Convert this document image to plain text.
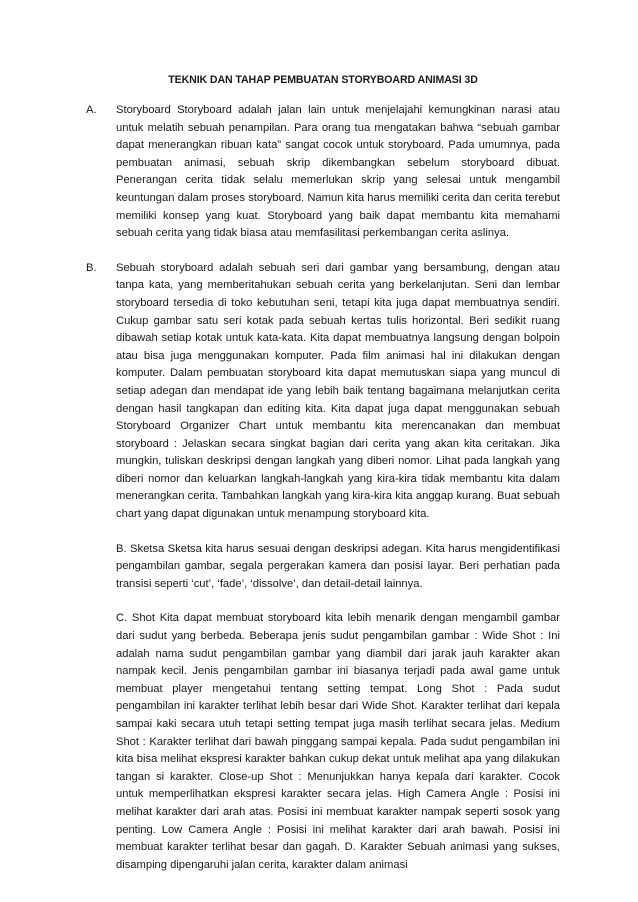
TEKNIK DAN TAHAP PEMBUATAN STORYBOARD ANIMASI 3D
A.	Storyboard Storyboard adalah jalan lain untuk menjelajahi kemungkinan narasi atau untuk melatih sebuah penampilan. Para orang tua mengatakan bahwa “sebuah gambar dapat menerangkan ribuan kata” sangat cocok untuk storyboard. Pada umumnya, pada pembuatan animasi, sebuah skrip dikembangkan sebelum storyboard dibuat. Penerangan cerita tidak selalu memerlukan skrip yang selesai untuk mengambil keuntungan dalam proses storyboard. Namun kita harus memiliki cerita dan cerita terebut memiliki konsep yang kuat. Storyboard yang baik dapat membantu kita memahami sebuah cerita yang tidak biasa atau memfasilitasi perkembangan cerita aslinya.

B.	Sebuah storyboard adalah sebuah seri dari gambar yang bersambung, dengan atau tanpa kata, yang memberitahukan sebuah cerita yang berkelanjutan. Seni dan lembar storyboard tersedia di toko kebutuhan seni, tetapi kita juga dapat membuatnya sendiri. Cukup gambar satu seri kotak pada sebuah kertas tulis horizontal. Beri sedikit ruang dibawah setiap kotak untuk kata-kata. Kita dapat membuatnya langsung dengan bolpoin atau bisa juga menggunakan komputer. Pada film animasi hal ini dilakukan dengan komputer. Dalam pembuatan storyboard kita dapat memutuskan siapa yang muncul di setiap adegan dan mendapat ide yang lebih baik tentang bagaimana melanjutkan cerita dengan hasil tangkapan dan editing kita. Kita dapat juga dapat menggunakan sebuah Storyboard Organizer Chart untuk membantu kita merencanakan dan membuat storyboard : Jelaskan secara singkat bagian dari cerita yang akan kita ceritakan. Jika mungkin, tuliskan deskripsi dengan langkah yang diberi nomor. Lihat pada langkah yang diberi nomor dan keluarkan langkah-langkah yang kira-kira tidak membantu kita dalam menerangkan cerita. Tambahkan langkah yang kira-kira kita anggap kurang. Buat sebuah chart yang dapat digunakan untuk menampung storyboard kita.

B. Sketsa Sketsa kita harus sesuai dengan deskripsi adegan. Kita harus mengidentifikasi pengambilan gambar, segala pergerakan kamera dan posisi layar. Beri perhatian pada transisi seperti ‘cut’, ‘fade’, ‘dissolve’, dan detail-detail lainnya.

C. Shot Kita dapat membuat storyboard kita lebih menarik dengan mengambil gambar dari sudut yang berbeda. Beberapa jenis sudut pengambilan gambar : Wide Shot : Ini adalah nama sudut pengambilan gambar yang diambil dari jarak jauh karakter akan nampak kecil. Jenis pengambilan gambar ini biasanya terjadi pada awal game untuk membuat player mengetahui tentang setting tempat. Long Shot : Pada sudut pengambilan ini karakter terlihat lebih besar dari Wide Shot. Karakter terlihat dari kepala sampai kaki secara utuh tetapi setting tempat juga masih terlihat secara jelas. Medium Shot : Karakter terlihat dari bawah pinggang sampai kepala. Pada sudut pengambilan ini kita bisa melihat ekspresi karakter bahkan cukup dekat untuk melihat apa yang dilakukan tangan si karakter. Close-up Shot : Menunjukkan hanya kepala dari karakter. Cocok untuk memperlihatkan ekspresi karakter secara jelas. High Camera Angle : Posisi ini melihat karakter dari arah atas. Posisi ini membuat karakter nampak seperti sosok yang penting. Low Camera Angle : Posisi ini melihat karakter dari arah bawah. Posisi ini membuat karakter terlihat besar dan gagah. D. Karakter Sebuah animasi yang sukses, disamping dipengaruhi jalan cerita, karakter dalam animasi
